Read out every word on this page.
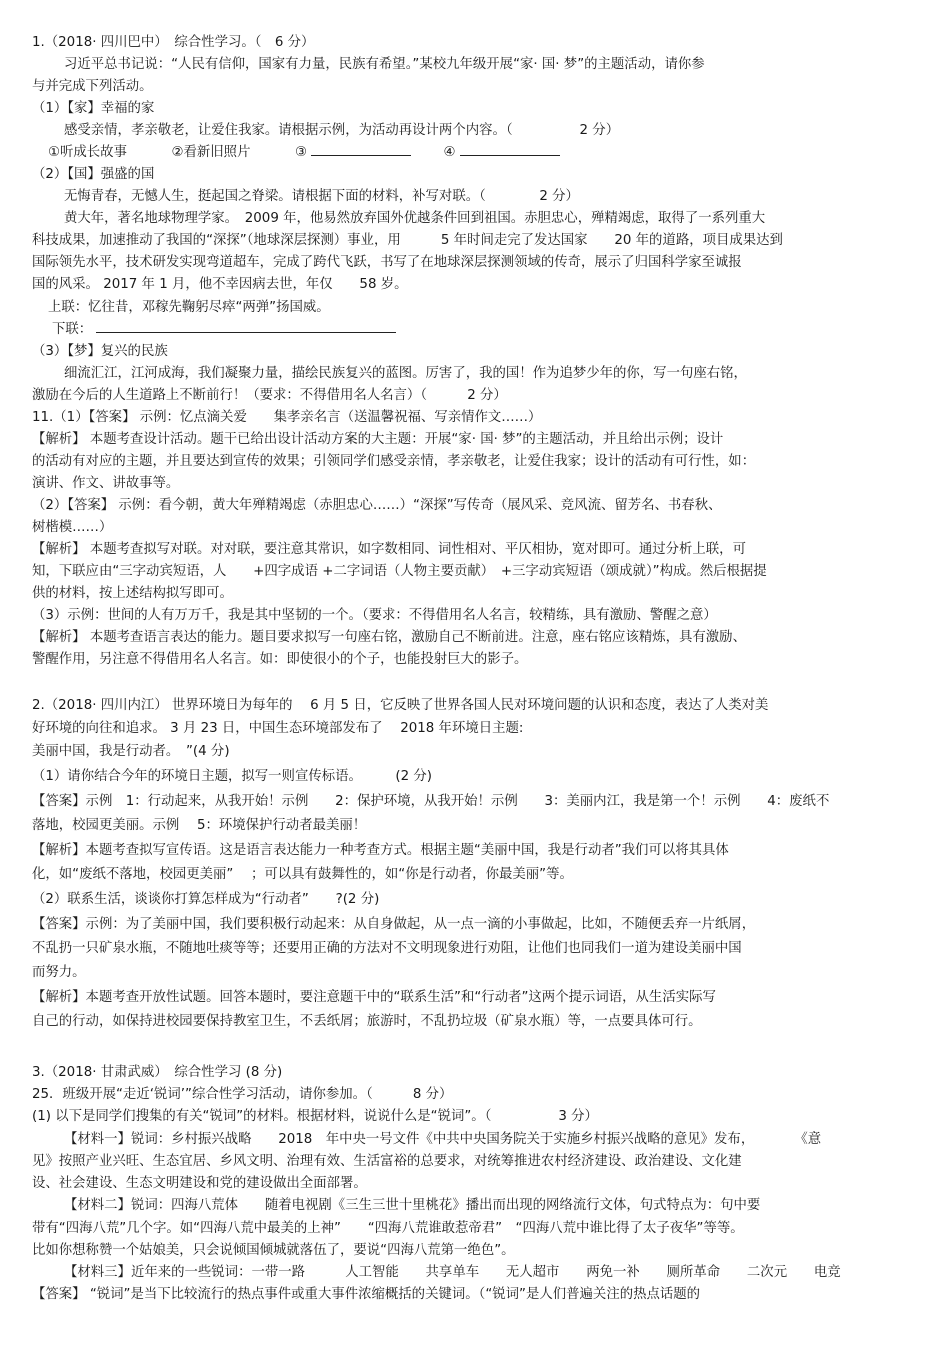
1.（2018· 四川巴中）　综合性学习。（　6 分）
习近平总书记说：“人民有信仰，国家有力量，民族有希望。”某校九年级开展“家· 国· 梦”的主题活动，请你参
与并完成下列活动。
（1）【家】幸福的家
感受亲情，孝亲敬老，让爱住我家。请根据示例，为活动再设计两个内容。（　　　　　2 分）
①听成长故事	②看新旧照片	③	④
（2）【国】强盛的国
无悔青春，无憾人生，挺起国之脊梁。请根据下面的材料，补写对联。（　　　　2 分）
黄大年，著名地球物理学家。　2009 年，他易然放弃国外优越条件回到祖国。赤胆忠心，殚精竭虑，取得了一系列重大
科技成果，加速推动了我国的“深探”（地球深层探测）事业，用　　　5 年时间走完了发达国家　　20 年的道路，项目成果达到
国际领先水平，技术研发实现弯道超车，完成了跨代飞跃，书写了在地球深层探测领域的传奇，展示了归国科学家至诚报
国的风采。 2017 年 1 月，他不幸因病去世，年仅　　58 岁。
上联：忆往昔，邓稼先鞠躬尽瘁“两弹”扬国威。
下联：
（3）【梦】复兴的民族
细流汇江，江河成海，我们凝聚力量，描绘民族复兴的蓝图。厉害了，我的国！作为追梦少年的你，写一句座右铭，
激励在今后的人生道路上不断前行！（要求：不得借用名人名言）（　　　2 分）
11.（1）【答案】 示例：忆点滴关爱　　集孝亲名言（送温馨祝福、写亲情作文……）
【解析】 本题考查设计活动。题干已给出设计活动方案的大主题：开展“家· 国· 梦”的主题活动，并且给出示例；设计
的活动有对应的主题，并且要达到宣传的效果；引领同学们感受亲情，孝亲敬老，让爱住我家；设计的活动有可行性，如：
演讲、作文、讲故事等。
（2）【答案】 示例：看今朝，黄大年殚精竭虑（赤胆忠心……）“深探”写传奇（展风采、竞风流、留芳名、书春秋、
树楷模……）
【解析】 本题考查拟写对联。对对联，要注意其常识，如字数相同、词性相对、平仄相协，宽对即可。通过分析上联，可
知，下联应由“三字动宾短语，人　　+四字成语 +二字词语（人物主要贡献）　+三字动宾短语（颂成就）”构成。然后根据提
供的材料，按上述结构拟写即可。
（3）示例：世间的人有万万千，我是其中坚韧的一个。（要求：不得借用名人名言，较精练，具有激励、警醒之意）
【解析】 本题考查语言表达的能力。题目要求拟写一句座右铭，激励自己不断前进。注意，座右铭应该精炼，具有激励、
警醒作用，另注意不得借用名人名言。如：即使很小的个子，也能投射巨大的影子。
2.（2018· 四川内江） 世界环境日为每年的　 6 月 5 日，它反映了世界各国人民对环境问题的认识和态度，表达了人类对美
好环境的向往和追求。 3 月 23 日，中国生态环境部发布了　 2018 年环境日主题:
美丽中国，我是行动者。　”(4 分)
（1）请你结合今年的环境日主题，拟写一则宣传标语。　　　(2 分)
【答案】示例　1：行动起来，从我开始！示例　　2：保护环境，从我开始！示例　　3：美丽内江，我是第一个！示例　　4：废纸不
落地，校园更美丽。示例　 5：环境保护行动者最美丽！
【解析】本题考查拟写宣传语。这是语言表达能力一种考查方式。根据主题“美丽中国，我是行动者”我们可以将其具体
化，如“废纸不落地，校园更美丽”　 ；可以具有鼓舞性的，如“你是行动者，你最美丽”等。
（2）联系生活，谈谈你打算怎样成为“行动者”　　?(2 分)
【答案】示例：为了美丽中国，我们要积极行动起来：从自身做起，从一点一滴的小事做起，比如，不随便丢弃一片纸屑，
不乱扔一只矿泉水瓶，不随地吐痰等等；还要用正确的方法对不文明现象进行劝阻，让他们也同我们一道为建设美丽中国
而努力。
【解析】本题考查开放性试题。回答本题时，要注意题干中的“联系生活”和“行动者”这两个提示词语，从生活实际写
自己的行动，如保持进校园要保持教室卫生，不丢纸屑；旅游时，不乱扔垃圾（矿泉水瓶）等，一点要具体可行。
3.（2018· 甘肃武威）　综合性学习 (8 分)
25．班级开展“走近‘锐词’”综合性学习活动，请你参加。（　　　8 分）
(1) 以下是同学们搜集的有关“锐词”的材料。根据材料，说说什么是“锐词”。（　　　　　3 分）
【材料一】锐词：乡村振兴战略　　2018　年中央一号文件《中共中央国务院关于实施乡村振兴战略的意见》发布，　　　　《意
见》按照产业兴旺、生态宜居、乡风文明、治理有效、生活富裕的总要求，对统筹推进农村经济建设、政治建设、文化建
设、社会建设、生态文明建设和党的建设做出全面部署。
【材料二】锐词：四海八荒体　　随着电视剧《三生三世十里桃花》播出而出现的网络流行文体，句式特点为：句中要
带有“四海八荒”几个字。如“四海八荒中最美的上神”　　“四海八荒谁敢惹帝君”　“四海八荒中谁比得了太子夜华”等等。
比如你想称赞一个姑娘美，只会说倾国倾城就落伍了，要说“四海八荒第一绝色”。
【材料三】近年来的一些锐词：一带一路　　　人工智能　　共享单车　　无人超市　　两免一补　　厕所革命　　二次元　　电竞
【答案】 “锐词”是当下比较流行的热点事件或重大事件浓缩概括的关键词。（“锐词”是人们普遍关注的热点话题的
